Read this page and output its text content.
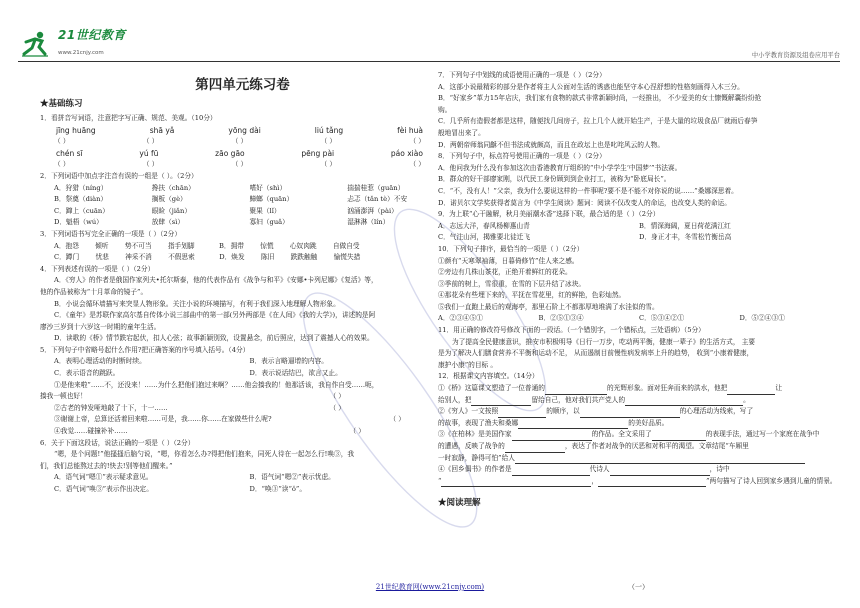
21世纪教育
www.21cnjy.com	中小学教育资源及组卷应用平台
第四单元练习卷
★基础练习
1．看拼音写词语，注意把字写正确、规范、美观。（10分）
jīng huāng	shā yǎ	yōng dài	liú tǎng	fèi huà
（ ）	（ ）	（ ）	（ ）	（ ）
chén sī	yú fū	zāo gāo	pēng pài	páo xiào
（ ）	（ ）	（ ）	（ ）	（ ）
2．下列词语中加点字注音有误的一组是（ ）。（2分）
A．狩猎（níng）	搀扶（chān）	嗜好（shì）	揣揣桂惹（guān）
B．祭奠（diàn）	搁板（gè）	蟑螂（quān）	忐忑（tǎn tè）不安
C．蹿上（cuān）	眼睑（jiǎn）	聚果（lǐ）	汹涌澎湃（pài）
D．魁梧（wú）	放肆（sì）	寡妇（guǎ）	湿淋淋（lín）
3．下列词语书写完全正确的一项是（ ）（2分）
A．抱怨 倾听 势不可当 指手划脚	B．拥带 惊慌 心奴肉跳 自做自受
C．蹲门 忧悲 神采不消 不假思索	D．焕发 陈旧 跌跌触触 愉慌失措
4．下列表述有误的一项是（ ）（2分）
A．《穷人》的作者是俄国作家列夫•托尔斯泰，他的代表作品有《战争与和平》《安娜•卡列尼娜》《复活》等，
他的作品被称为“十月革命的镜子”。
B．小说会循环墙描写来突显人物形象。关注小说的环境描写，有利于我们深入地理解人物形象。
C．《童年》是苏联作家高尔基自传体小说三部曲中的第一部(另外两部是《在人间》《我的大学》)，讲述的是阿
廖沙三岁到十六岁这一时期的童年生活。
D．读歌的《桥》情节跌宕起伏，扣人心弦；故事新颖别致，设置悬念，前后照应，达到了震撼人心的效果。
5．下列句子中省略号起什么作用?把正确答案的序号填入括号。（4分）
A．表明心理活动的时断时续。	B．表示言略逼增的内容。
C．表示语音的跳跃。	D．表示说话结巴，欲言又止。
①是他来啦”……不，还没来！……为什么把他们抱过来啊？……他会揍我的！他那活该，我自作自受……呃，
揍我一顿也好！	（ ）
②古老的钟发哑地敲了十下，十一……	（ ）
③谢谢上帝，总算还活着回来啦……可是，我……你……在家做些什么呢?	（ ）
④我觉……碰撞补补……	（ ）
6．关于下面这段话，说法正确的一项是（ ）（2分）
“嗯，是个问题!”他搔搔后脑勺说，“嗯，你看怎么办?得把他们抱来，同死人待在一起怎么行!唤③，我
们，我们总能熬过去的!快去!别等他们醒来。”
A．语气词“嗯①”表示疑求意见。	B．语气词“嗯②”表示忧虑。
C．语气词“唤③”表示作出决定。	D．“唤③”读“ǒ”。
7．下列句子中划线的成语使用正确的一项是（ ）（2分）
A．这部小说最精彩的部分是作者将主人公面对生活的诱惑也能坚守本心涅舒想的性格刻画得入木三分。
B．“好家乡”革力15年店庆，我们家有食物的款式非常新颖时尚，一经推出， 不少爱美的女士慷慨解囊纷纷抢
购。
C．几乎所有造假者都是这样，随便找几间房子，拉上几个人就开始生产，于是大量的垃圾食品厂就雨后春笋
般地冒出来了。
D．两朝帝师翁同龢不但书法成就颇高，而且在政坛上也是叱咤风云的人物。
8．下列句子中，标点符号使用正确的一项是（ ）（2分）
A．他问我为什么没有参加这次由香港教育厅组织的“中小学学生‘中国梦’”书法赛。
B．群众的好干部廖家刚，以代民工身份顾到到企业打工，被称为“卧底局长”。
C．“不，没有人！”父亲，我为什么要说这样的一件事呢?要不是不能不对你说的说……”桑娜深思着。
D．诺贝尔文学奖获得者莫言为《中学生阅读》题词：阅读不仅改变人的命运，也改变人类的命运。
9．为上联“心干融解，秋月美丽潮水香”选择下联，最合适的是（ ）（2分）
A．志远大洋，春风杨柳惠山青	B．情深海阔，夏日荷花满江红
C．气注山河，揭雅要北徒迁飞	D．身正才丰，冬雪松竹衡岳高
10．下列句子排序，最恰当的一项是（ ）（2分）
①颜有“天寒翠袖薄，日暮倚修竹”佳人来之感。
②旁边有几株山茶花，正绝开着鲜红的花朵。
③季前的树上，雪很重，在雪的下层升结了冰块。
④那花朵有些埋下来的，平抚在雪花里，红的鲜艳，色彩灿然。
⑤我们一直跑上最后的观海亭，那里石阶上不都那厚地堆满了水洼似的雪。
A．②③④⑤①	B．②⑤①③④	C．⑤③④②①	D．⑤②④③①
11．用正确的修改符号修改下面的一段话。（一个错别字，一个错标点，三处语病）（5分）
为了提高全民健康意识，推安市积极明导《日行一万步，吃动两平衡，健康一辈子》的生活方式， 主要
是为了解决人们膳食营养不平衡和运动不足， 从而遏制目前慢性病发病率上升的趋势， 收到“小康着健康，
康护小康”的目标 。
12．根据课文内容填空。（14分）
①《桥》这篇课文塑造了一位普通的	的光辉形象。面对狂奔而来的洪水，他把	让
给别人，把	留给自己，他对我们共产党人的	。
②《穷人》一文按照	的顺序，以	的心理活动为线索，写了
的故事，表现了渔夫和桑娜	的美好品质。
③《在柏林》是美国作家	的作品。全文采用了	的表现手法，通过写一个家庭在战争中
的遭遇，反映了战争的	，表达了作者对战争的厌恶和对和平的渴望。文章结尾“车厢里
一时寂静，静得可怕”给人
④《回乡偶书》的作者是	代诗人	，诗中
“	，	”两句描写了诗人回到家乡遇到儿童的情景。
★阅读理解
21世纪教育网(www.21cnjy.com)	（一）
